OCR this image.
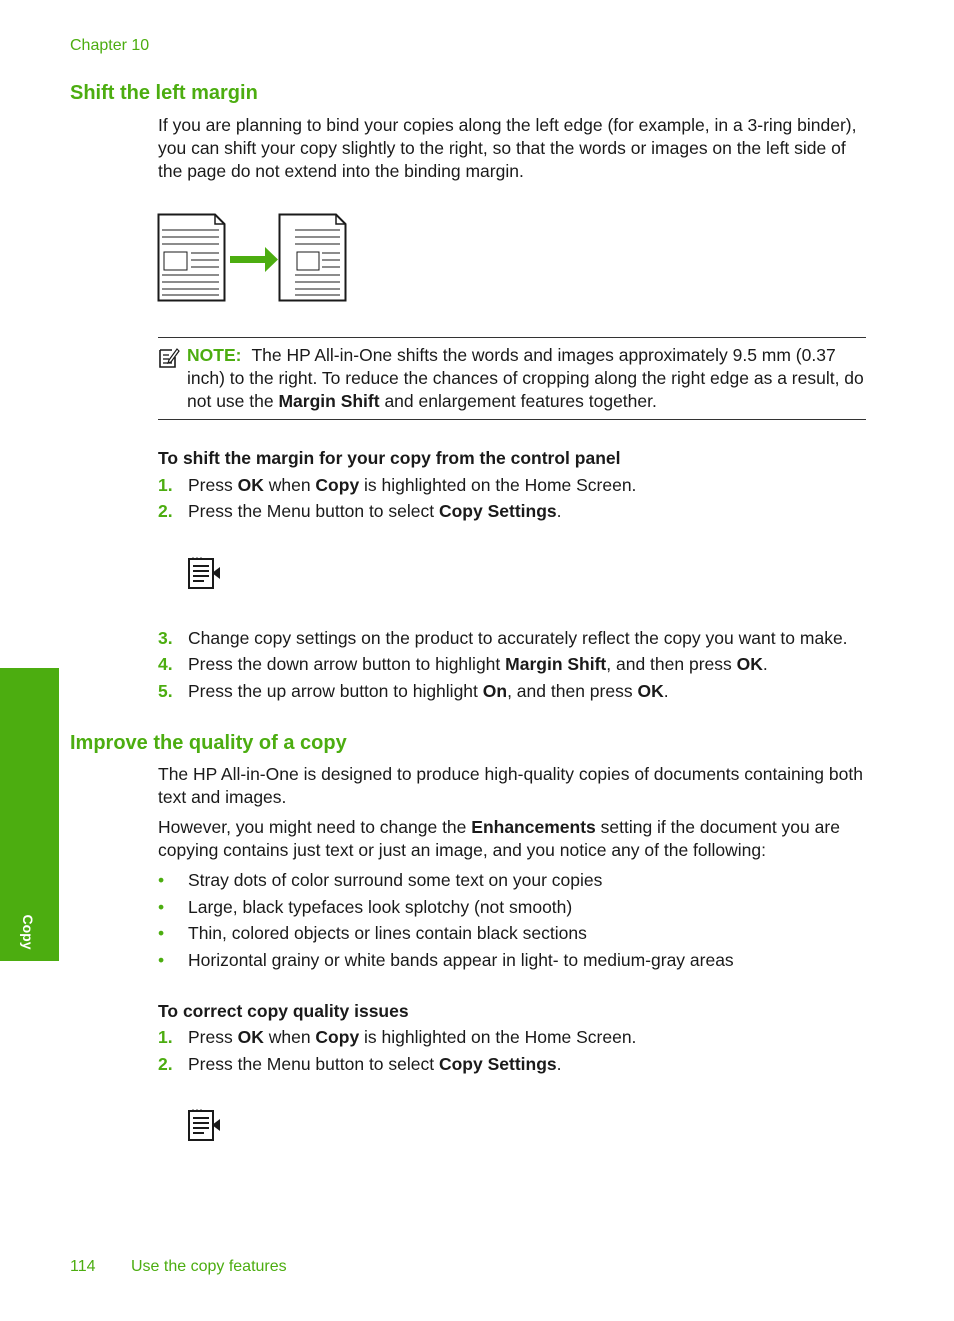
Chapter 10
Shift the left margin

If you are planning to bind your copies along the left edge (for example, in a 3-ring binder), you can shift your copy slightly to the right, so that the words or images on the left side of the page do not extend into the binding margin.

NOTE: The HP All-in-One shifts the words and images approximately 9.5 mm (0.37 inch) to the right. To reduce the chances of cropping along the right edge as a result, do not use the Margin Shift and enlargement features together.

To shift the margin for your copy from the control panel

1. Press OK when Copy is highlighted on the Home Screen.
2. Press the Menu button to select Copy Settings.
3. Change copy settings on the product to accurately reflect the copy you want to make.
4. Press the down arrow button to highlight Margin Shift, and then press OK.
5. Press the up arrow button to highlight On, and then press OK.
Improve the quality of a copy

The HP All-in-One is designed to produce high-quality copies of documents containing both text and images.

However, you might need to change the Enhancements setting if the document you are copying contains just text or just an image, and you notice any of the following:

• Stray dots of color surround some text on your copies
• Large, black typefaces look splotchy (not smooth)
• Thin, colored objects or lines contain black sections
• Horizontal grainy or white bands appear in light- to medium-gray areas

To correct copy quality issues

1. Press OK when Copy is highlighted on the Home Screen.
2. Press the Menu button to select Copy Settings.
Copy
114 Use the copy features
